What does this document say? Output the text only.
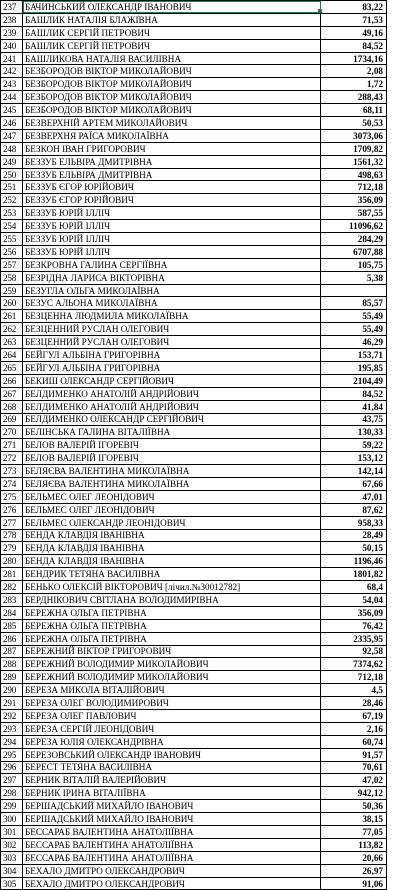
237	БАЧИНСЬКИЙ ОЛЕКСАНДР ІВАНОВИЧ	83,22
238	БАШЛИК НАТАЛІЯ БЛАЖІВНА	71,53
239	БАШЛИК СЕРГІЙ ПЕТРОВИЧ	49,16
240	БАШЛИК СЕРГІЙ ПЕТРОВИЧ	84,52
241	БАШЛИКОВА НАТАЛІЯ ВАСИЛІВНА	1734,16
242	БЕЗБОРОДОВ ВІКТОР МИКОЛАЙОВИЧ	2,08
243	БЕЗБОРОДОВ ВІКТОР МИКОЛАЙОВИЧ	1,72
244	БЕЗБОРОДОВ ВІКТОР МИКОЛАЙОВИЧ	288,43
245	БЕЗБОРОДОВ ВІКТОР МИКОЛАЙОВИЧ	68,11
246	БЕЗВЕРХНІЙ АРТЕМ МИКОЛАЙОВИЧ	50,53
247	БЕЗВЕРХНЯ РАЇСА МИКОЛАЇВНА	3073,06
248	БЕЗКОН ІВАН ГРИГОРОВИЧ	1709,82
249	БЕЗЗУБ ЕЛЬВІРА ДМИТРІВНА	1561,32
250	БЕЗЗУБ ЕЛЬВІРА ДМИТРІВНА	498,63
251	БЕЗЗУБ ЄГОР ЮРІЙОВИЧ	712,18
252	БЕЗЗУБ ЄГОР ЮРІЙОВИЧ	356,09
253	БЕЗЗУБ ЮРІЙ ІЛЛІЧ	587,55
254	БЕЗЗУБ ЮРІЙ ІЛЛІЧ	11096,62
255	БЕЗЗУБ ЮРІЙ ІЛЛІЧ	284,29
256	БЕЗЗУБ ЮРІЙ ІЛЛІЧ	6707,88
257	БЕЗКРОВНА ГАЛИНА СЕРГІЇВНА	105,75
258	БЕЗРІДНА ЛАРИСА ВІКТОРІВНА	5,38
259	БЕЗУГЛА ОЛЬГА МИКОЛАЇВНА	
260	БЕЗУС АЛЬОНА МИКОЛАЇВНА	85,57
261	БЕЗЦЕННА ЛЮДМИЛА МИКОЛАЇВНА	55,49
262	БЕЗЦЕННИЙ РУСЛАН ОЛЕГОВИЧ	55,49
263	БЕЗЦЕННИЙ РУСЛАН ОЛЕГОВИЧ	46,29
264	БЕЙГУЛ АЛЬБІНА ГРИГОРІВНА	153,71
265	БЕЙГУЛ АЛЬБІНА ГРИГОРІВНА	195,85
266	БЕКИШ ОЛЕКСАНДР СЕРГІЙОВИЧ	2104,49
267	БЕЛДИМЕНКО АНАТОЛІЙ АНДРІЙОВИЧ	84,52
268	БЕЛДИМЕНКО АНАТОЛІЙ АНДРІЙОВИЧ	41,84
269	БЕЛДИМЕНКО ОЛЕКСАНДР СЕРГІЙОВИЧ	43,75
270	БЕЛІНСЬКА ГАЛИНА ВІТАЛІЇВНА	130,33
271	БЕЛОВ ВАЛЕРІЙ ІГОРЕВІЧ	59,22
272	БЕЛОВ ВАЛЕРІЙ ІГОРЕВІЧ	153,12
273	БЕЛЯЄВА ВАЛЕНТИНА МИКОЛАЇВНА	142,14
274	БЕЛЯЄВА ВАЛЕНТИНА МИКОЛАЇВНА	67,66
275	БЕЛЬМЕС ОЛЕГ ЛЕОНІДОВИЧ	47,01
276	БЕЛЬМЕС ОЛЕГ ЛЕОНІДОВИЧ	87,62
277	БЕЛЬМЕС ОЛЕКСАНДР ЛЕОНІДОВИЧ	958,33
278	БЕНДА КЛАВДІЯ ІВАНІВНА	28,49
279	БЕНДА КЛАВДІЯ ІВАНІВНА	50,15
280	БЕНДА КЛАВДІЯ ІВАНІВНА	1196,46
281	БЕНДРИК ТЕТЯНА ВАСИЛІВНА	1801,82
282	БЕНЬКО ОЛЕКСІЙ ВІКТОРОВИЧ [лічил.№30012782]	68,4
283	БЕРДНІКОВИЧ СВІТЛАНА ВОЛОДИМИРІВНА	54,04
284	БЕРЕЖНА ОЛЬГА ПЕТРІВНА	356,09
285	БЕРЕЖНА ОЛЬГА ПЕТРІВНА	76,42
286	БЕРЕЖНА ОЛЬГА ПЕТРІВНА	2335,95
287	БЕРЕЖНИЙ ВІКТОР ГРИГОРОВИЧ	92,58
288	БЕРЕЖНИЙ ВОЛОДИМИР МИКОЛАЙОВИЧ	7374,62
289	БЕРЕЖНИЙ ВОЛОДИМИР МИКОЛАЙОВИЧ	712,18
290	БЕРЕЗА МИКОЛА ВІТАЛІЙОВИЧ	4,5
291	БЕРЕЗА ОЛЕГ ВОЛОДИМИРОВИЧ	28,46
292	БЕРЕЗА ОЛЕГ ПАВЛОВИЧ	67,19
293	БЕРЕЗА СЕРГІЙ ЛЕОНІДОВИЧ	2,16
294	БЕРЕЗА ЮЛІЯ ОЛЕКСАНДРІВНА	60,74
295	БЕРЕЗОВСЬКИЙ ОЛЕКСАНДР ІВАНОВИЧ	91,57
296	БЕРЕСТ ТЕТЯНА ВАСИЛІВНА	70,61
297	БЕРНИК ВІТАЛІЙ ВАЛЕРІЙОВИЧ	47,02
298	БЕРНИК ІРИНА ВІТАЛІЇВНА	942,12
299	БЕРШАДСЬКИЙ МИХАЙЛО ІВАНОВИЧ	50,36
300	БЕРШАДСЬКИЙ МИХАЙЛО ІВАНОВИЧ	38,15
301	БЕССАРАБ ВАЛЕНТИНА АНАТОЛІЇВНА	77,05
302	БЕССАРАБ ВАЛЕНТИНА АНАТОЛІЇВНА	113,82
303	БЕССАРАБ ВАЛЕНТИНА АНАТОЛІЇВНА	20,66
304	БЕХАЛО ДМИТРО ОЛЕКСАНДРОВИЧ	26,97
305	БЕХАЛО ДМИТРО ОЛЕКСАНДРОВИЧ	91,06
